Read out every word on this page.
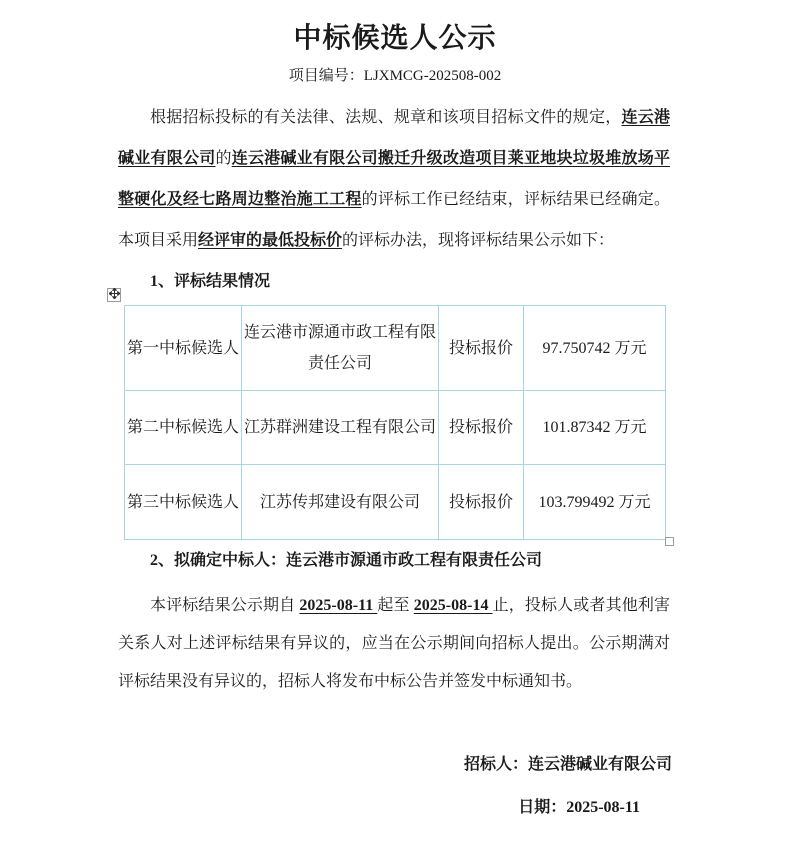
中标候选人公示
项目编号：LJXMCG-202508-002
根据招标投标的有关法律、法规、规章和该项目招标文件的规定，连云港碱业有限公司的连云港碱业有限公司搬迁升级改造项目莱亚地块垃圾堆放场平整硬化及经七路周边整治施工工程的评标工作已经结束，评标结果已经确定。本项目采用经评审的最低投标价的评标办法，现将评标结果公示如下：
1、评标结果情况
第一中标候选人	连云港市源通市政工程有限责任公司	投标报价	97.750742 万元
第二中标候选人	江苏群洲建设工程有限公司	投标报价	101.87342 万元
第三中标候选人	江苏传邦建设有限公司	投标报价	103.799492 万元
2、拟确定中标人：连云港市源通市政工程有限责任公司
本评标结果公示期自 2025-08-11 起至 2025-08-14 止，投标人或者其他利害关系人对上述评标结果有异议的，应当在公示期间向招标人提出。公示期满对评标结果没有异议的，招标人将发布中标公告并签发中标通知书。
招标人：连云港碱业有限公司
日期：2025-08-11
